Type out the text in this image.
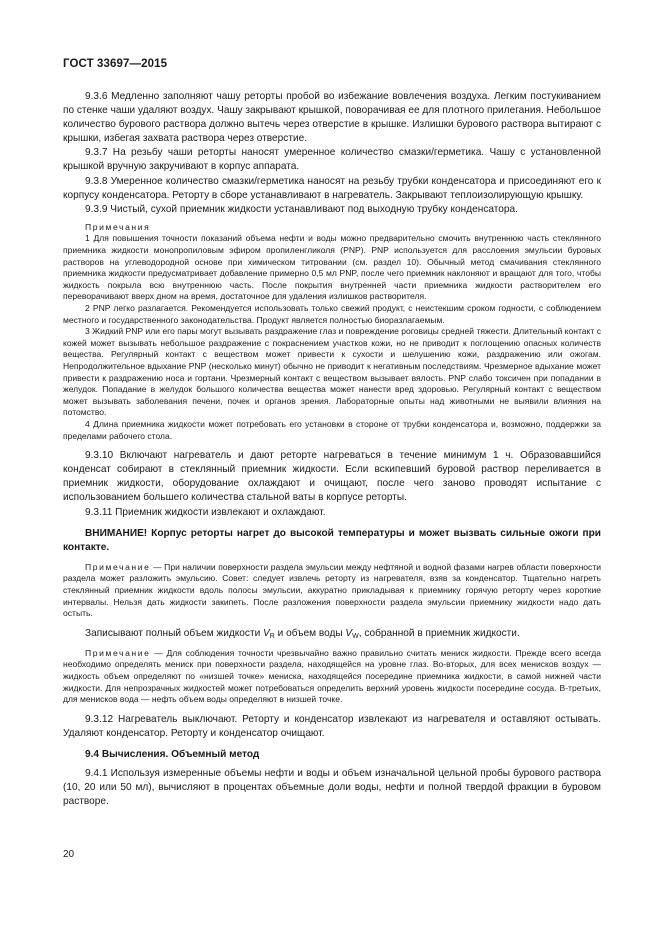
ГОСТ 33697—2015

9.3.6 Медленно заполняют чашу реторты пробой во избежание вовлечения воздуха. Легким постукиванием по стенке чаши удаляют воздух. Чашу закрывают крышкой, поворачивая ее для плотного прилегания. Небольшое количество бурового раствора должно вытечь через отверстие в крышке. Излишки бурового раствора вытирают с крышки, избегая захвата раствора через отверстие.

9.3.7 На резьбу чаши реторты наносят умеренное количество смазки/герметика. Чашу с установленной крышкой вручную закручивают в корпус аппарата.

9.3.8 Умеренное количество смазки/герметика наносят на резьбу трубки конденсатора и присоединяют его к корпусу конденсатора. Реторту в сборе устанавливают в нагреватель. Закрывают теплоизолирующую крышку.

9.3.9 Чистый, сухой приемник жидкости устанавливают под выходную трубку конденсатора.

Примечания

1 Для повышения точности показаний объема нефти и воды можно предварительно смочить внутреннюю часть стеклянного приемника жидкости монопропиловым эфиром пропиленгликоля (PNP). PNP используется для расслоения эмульсии буровых растворов на углеводородной основе при химическом титровании (см. раздел 10). Обычный метод смачивания стеклянного приемника жидкости предусматривает добавление примерно 0,5 мл PNP, после чего приемник наклоняют и вращают для того, чтобы жидкость покрыла всю внутреннюю часть. После покрытия внутренней части приемника жидкости растворителем его переворачивают вверх дном на время, достаточное для удаления излишков растворителя.

2 PNP легко разлагается. Рекомендуется использовать только свежий продукт, с неистекшим сроком годности, с соблюдением местного и государственного законодательства. Продукт является полностью биоразлагаемым.

3 Жидкий PNP или его пары могут вызывать раздражение глаз и повреждение роговицы средней тяжести. Длительный контакт с кожей может вызывать небольшое раздражение с покраснением участков кожи, но не приводит к поглощению опасных количеств вещества. Регулярный контакт с веществом может привести к сухости и шелушению кожи, раздражению или ожогам. Непродолжительное вдыхание PNP (несколько минут) обычно не приводит к негативным последствиям. Чрезмерное вдыхание может привести к раздражению носа и гортани. Чрезмерный контакт с веществом вызывает вялость. PNP слабо токсичен при попадании в желудок. Попадание в желудок большого количества вещества может нанести вред здоровью. Регулярный контакт с веществом может вызывать заболевания печени, почек и органов зрения. Лабораторные опыты над животными не выявили влияния на потомство.

4 Длина приемника жидкости может потребовать его установки в стороне от трубки конденсатора и, возможно, поддержки за пределами рабочего стола.

9.3.10 Включают нагреватель и дают реторте нагреваться в течение минимум 1 ч. Образовавшийся конденсат собирают в стеклянный приемник жидкости. Если вскипевший буровой раствор переливается в приемник жидкости, оборудование охлаждают и очищают, после чего заново проводят испытание с использованием большего количества стальной ваты в корпусе реторты.

9.3.11 Приемник жидкости извлекают и охлаждают.

ВНИМАНИЕ! Корпус реторты нагрет до высокой температуры и может вызвать сильные ожоги при контакте.

Примечание — При наличии поверхности раздела эмульсии между нефтяной и водной фазами нагрев области поверхности раздела может разложить эмульсию. Совет: следует извлечь реторту из нагревателя, взяв за конденсатор. Тщательно нагреть стеклянный приемник жидкости вдоль полосы эмульсии, аккуратно прикладывая к приемнику горячую реторту через короткие интервалы. Нельзя дать жидкости закипеть. После разложения поверхности раздела эмульсии приемнику жидкости надо дать остыть.

Записывают полный объем жидкости $V_R$ и объем воды $V_W$, собранной в приемник жидкости.

Примечание — Для соблюдения точности чрезвычайно важно правильно считать мениск жидкости. Прежде всего всегда необходимо определять мениск при поверхности раздела, находящейся на уровне глаз. Во-вторых, для всех менисков воздух — жидкость объем определяют по «низшей точке» мениска, находящейся посередине приемника жидкости, в самой нижней части жидкости. Для непрозрачных жидкостей может потребоваться определить верхний уровень жидкости посередине сосуда. В-третьих, для менисков вода — нефть объем воды определяют в низшей точке.

9.3.12 Нагреватель выключают. Реторту и конденсатор извлекают из нагревателя и оставляют остывать. Удаляют конденсатор. Реторту и конденсатор очищают.

9.4 Вычисления. Объемный метод

9.4.1 Используя измеренные объемы нефти и воды и объем изначальной цельной пробы бурового раствора (10, 20 или 50 мл), вычисляют в процентах объемные доли воды, нефти и полной твердой фракции в буровом растворе.

20
